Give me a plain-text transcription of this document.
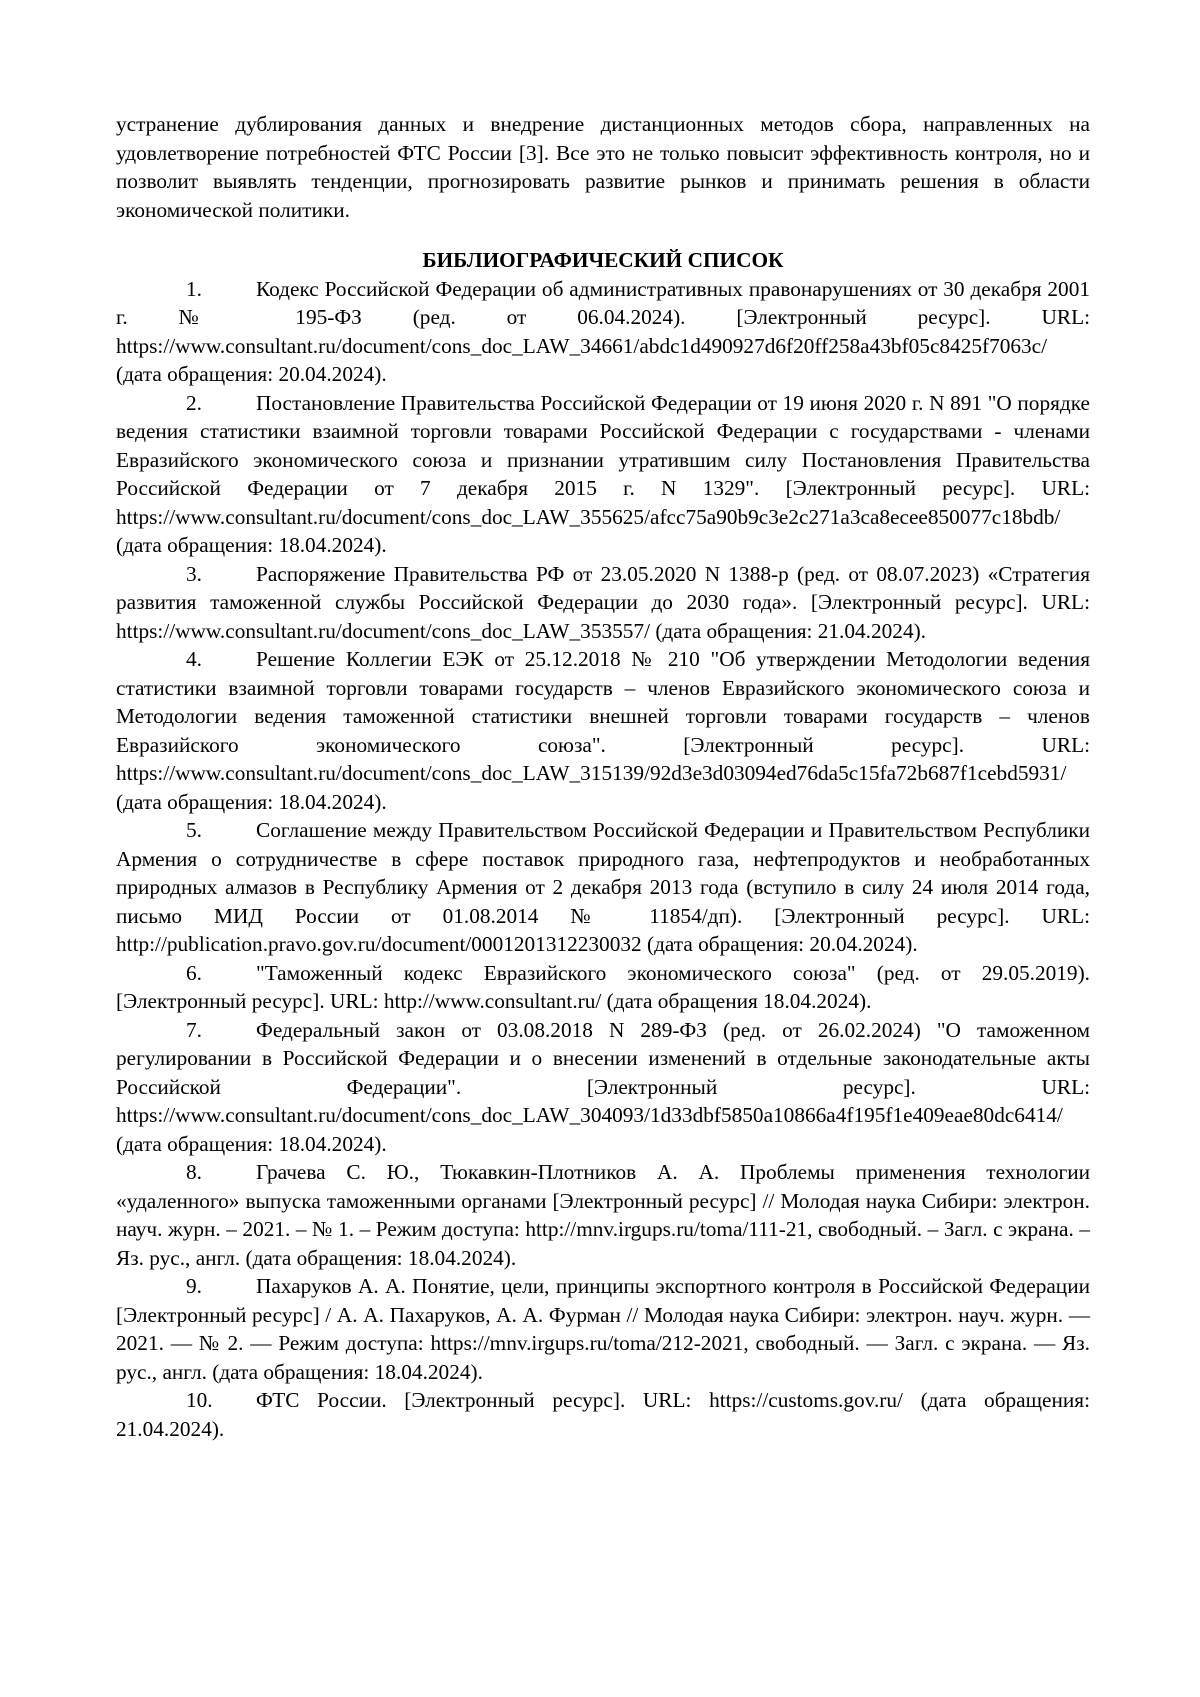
устранение дублирования данных и внедрение дистанционных методов сбора, направленных на удовлетворение потребностей ФТС России [3]. Все это не только повысит эффективность контроля, но и позволит выявлять тенденции, прогнозировать развитие рынков и принимать решения в области экономической политики.

БИБЛИОГРАФИЧЕСКИЙ СПИСОК

1.	Кодекс Российской Федерации об административных правонарушениях от 30 декабря 2001 г. № 195-ФЗ (ред. от 06.04.2024). [Электронный ресурс]. URL: https://www.consultant.ru/document/cons_doc_LAW_34661/abdc1d490927d6f20ff258a43bf05c8425f7063c/ (дата обращения: 20.04.2024).

2.	Постановление Правительства Российской Федерации от 19 июня 2020 г. N 891 "О порядке ведения статистики взаимной торговли товарами Российской Федерации с государствами - членами Евразийского экономического союза и признании утратившим силу Постановления Правительства Российской Федерации от 7 декабря 2015 г. N 1329". [Электронный ресурс]. URL: https://www.consultant.ru/document/cons_doc_LAW_355625/afcc75a90b9c3e2c271a3ca8ecee850077c18bdb/ (дата обращения: 18.04.2024).

3.	Распоряжение Правительства РФ от 23.05.2020 N 1388-р (ред. от 08.07.2023) «Стратегия развития таможенной службы Российской Федерации до 2030 года». [Электронный ресурс]. URL: https://www.consultant.ru/document/cons_doc_LAW_353557/ (дата обращения: 21.04.2024).

4.	Решение Коллегии ЕЭК от 25.12.2018 № 210 "Об утверждении Методологии ведения статистики взаимной торговли товарами государств – членов Евразийского экономического союза и Методологии ведения таможенной статистики внешней торговли товарами государств – членов Евразийского экономического союза". [Электронный ресурс]. URL: https://www.consultant.ru/document/cons_doc_LAW_315139/92d3e3d03094ed76da5c15fa72b687f1cebd5931/ (дата обращения: 18.04.2024).

5.	Соглашение между Правительством Российской Федерации и Правительством Республики Армения о сотрудничестве в сфере поставок природного газа, нефтепродуктов и необработанных природных алмазов в Республику Армения от 2 декабря 2013 года (вступило в силу 24 июля 2014 года, письмо МИД России от 01.08.2014 № 11854/дп). [Электронный ресурс]. URL: http://publication.pravo.gov.ru/document/0001201312230032 (дата обращения: 20.04.2024).

6.	"Таможенный кодекс Евразийского экономического союза" (ред. от 29.05.2019). [Электронный ресурс]. URL: http://www.consultant.ru/ (дата обращения 18.04.2024).

7.	Федеральный закон от 03.08.2018 N 289-ФЗ (ред. от 26.02.2024) "О таможенном регулировании в Российской Федерации и о внесении изменений в отдельные законодательные акты Российской Федерации". [Электронный ресурс]. URL: https://www.consultant.ru/document/cons_doc_LAW_304093/1d33dbf5850a10866a4f195f1e409eae80dc6414/ (дата обращения: 18.04.2024).

8.	Грачева С. Ю., Тюкавкин-Плотников А. А. Проблемы применения технологии «удаленного» выпуска таможенными органами [Электронный ресурс] // Молодая наука Сибири: электрон. науч. журн. – 2021. – № 1. – Режим доступа: http://mnv.irgups.ru/toma/111-21, свободный. – Загл. с экрана. – Яз. рус., англ. (дата обращения: 18.04.2024).

9.	Пахаруков А. А. Понятие, цели, принципы экспортного контроля в Российской Федерации [Электронный ресурс] / А. А. Пахаруков, А. А. Фурман // Молодая наука Сибири: электрон. науч. журн. — 2021. — № 2. — Режим доступа: https://mnv.irgups.ru/toma/212-2021, свободный. — Загл. с экрана. — Яз. рус., англ. (дата обращения: 18.04.2024).

10. ФТС России. [Электронный ресурс]. URL: https://customs.gov.ru/ (дата обращения: 21.04.2024).
